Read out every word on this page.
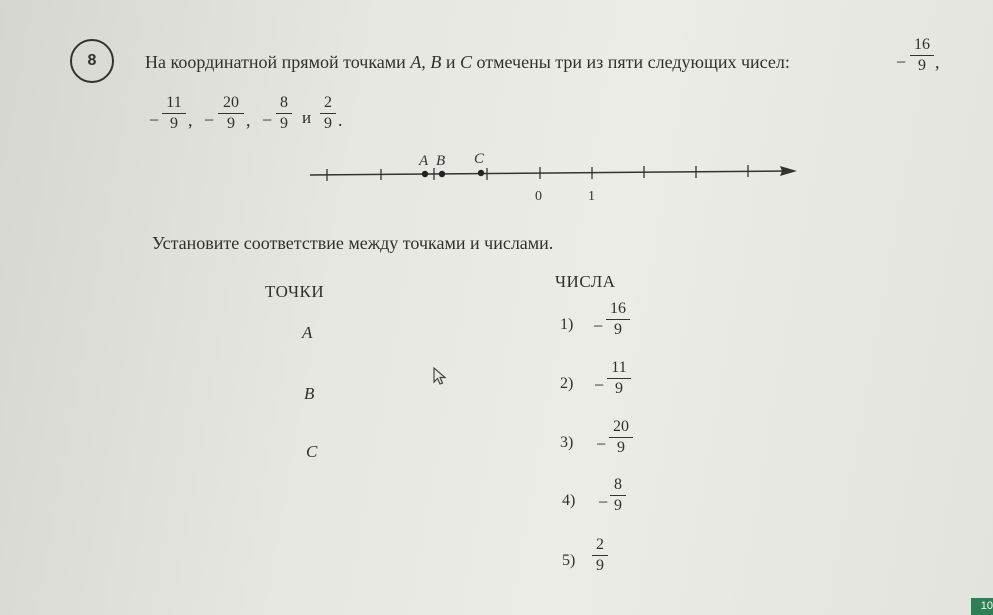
8	На координатной прямой точками A, B и C отмечены три из пяти следующих чисел:	−
16
9 ,
−
11
9 , −
20
9 , −
8
9 и
2
9 .
A B C
0	1
Установите соответствие между точками и числами.
ТОЧКИ
ЧИСЛА
A
B
C
1) −
16
9
2) −
11
9
3) −
20
9
4) −
8
9
5)
2
9
10
